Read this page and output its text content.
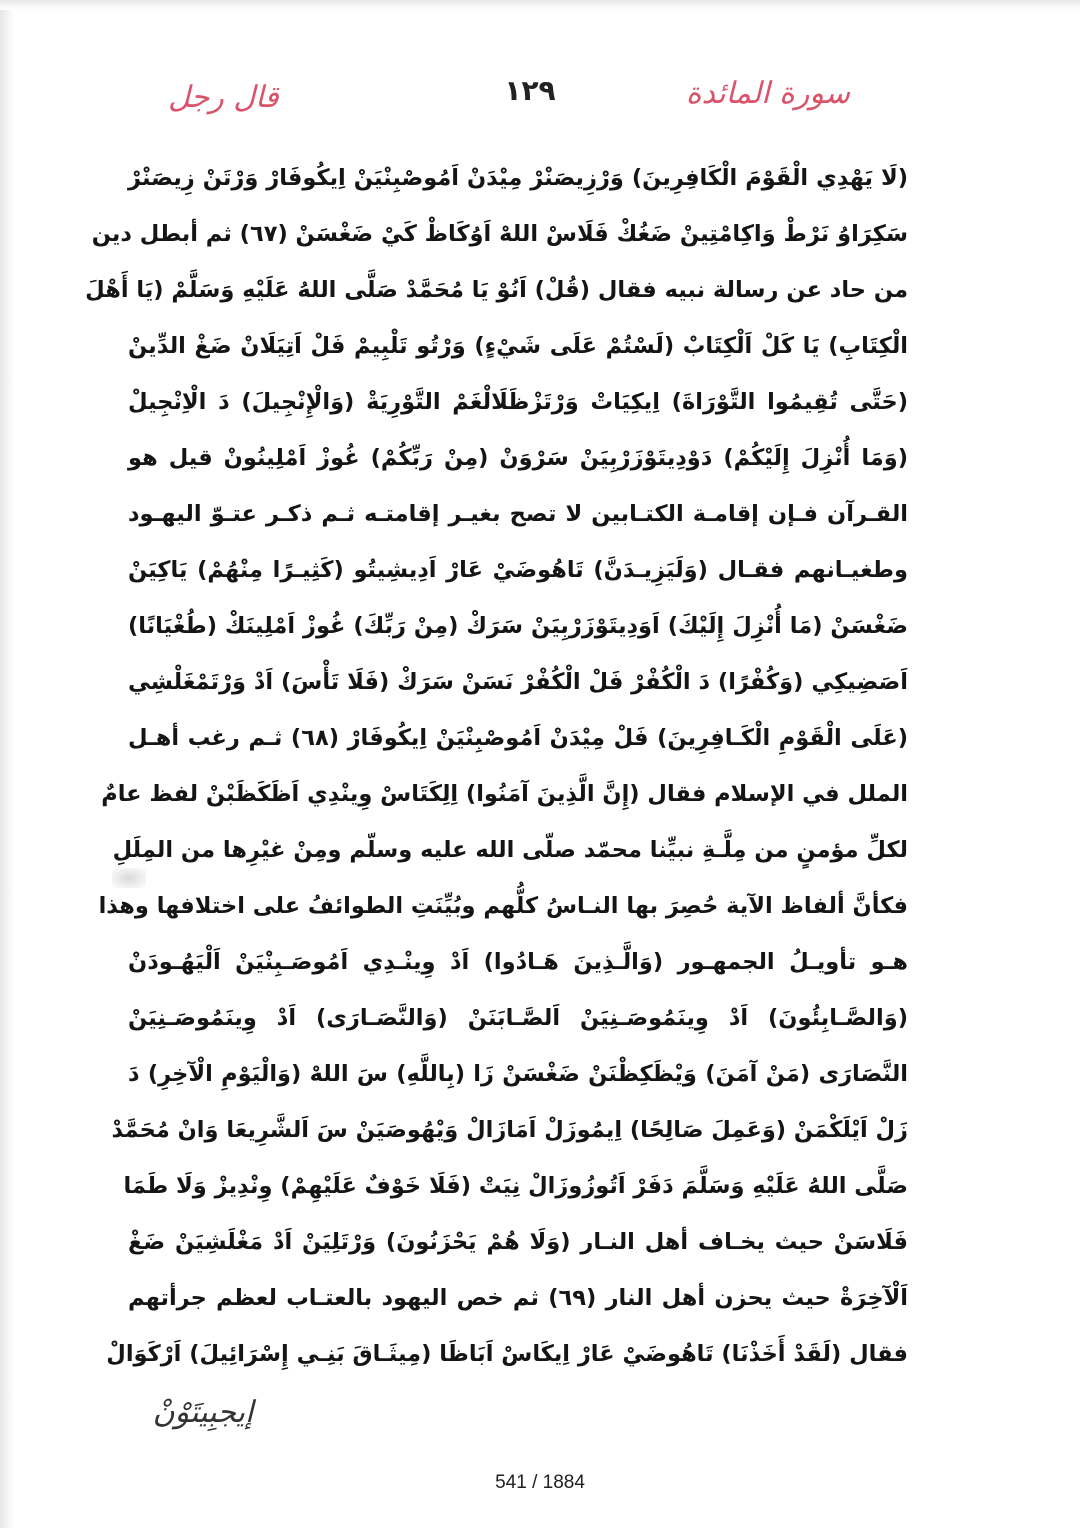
سورة المائدة
١٢٩
قال رجل
(لَا يَهْدِي الْقَوْمَ الْكَافِرِينَ) وَرْزِيصَنْرْ مِيْدَنْ اَمُوصْبِنْيَنْ اِيكُوفَارْ وَرْتَنْ زِيصَنْرْ
سَكِرَاوُ نَرْطْ وَاكِامْتِينْ ضَغُكْ فَلَاسْ اللهْ اَوُكَاظْ كَيْ ضَغْسَنْ (٦٧) ثم أبطل دين
من حاد عن رسالة نبيه فقال (قُلْ) اَنُوْ يَا مُحَمَّدْ صَلَّى اللهُ عَلَيْهِ وَسَلَّمْ (يَا أَهْلَ
الْكِتَابِ) يَا كَلْ اَلْكِتَابْ (لَسْتُمْ عَلَى شَيْءٍ) وَرْتُو تَلْبِيمْ فَلْ اَتِيَلَانْ ضَغْ الدِّينْ
(حَتَّى تُقِيمُوا التَّوْرَاةَ) اِيكِيَاتْ وَرْتَزْظَلَالْغَمْ التَّوْرِيَةْ (وَالْإِنْجِيلَ) دَ الْاِنْجِيلْ
(وَمَا أُنْزِلَ إِلَيْكُمْ) دَوْدِيتَوْزَرْبِيَنْ سَرْوَنْ (مِنْ رَبِّكُمْ) غُوزْ اَمْلِينُونْ قيل هو
القـرآن فـإن إقامـة الكتـابين لا تصح بغيـر إقامتـه ثـم ذكـر عتـوّ اليهـود
وطغيـانهم فقـال (وَلَيَزِيـدَنَّ) تَاهُوضَيْ عَارْ اَدِيشِيتُو (كَثِيـرًا مِنْهُمْ) يَاكِيَنْ
ضَغْسَنْ (مَا أُنْزِلَ إِلَيْكَ) اَوَدِيتَوْزَرْبِيَنْ سَرَكْ (مِنْ رَبِّكَ) غُوزْ اَمْلِينَكْ (طُغْيَانًا)
اَصَضِيكِي (وَكُفْرًا) دَ الْكُفْرْ فَلْ الْكُفْرْ نَسَنْ سَرَكْ (فَلَا تَأْسَ) اَدْ وَرْتَمْغَلْشِي
(عَلَى الْقَوْمِ الْكَـافِرِينَ) فَلْ مِيْدَنْ اَمُوصْبِنْيَنْ اِيكُوفَارْ (٦٨) ثـم رغب أهـل
الملل في الإسلام فقال (إِنَّ الَّذِينَ آمَنُوا) اِلِكَتَاسْ وِينْدِي اَظَكَظَبْنْ لفظ عامٌ
لكلِّ مؤمنٍ من مِلَّـةِ نبيِّنا محمّد صلّى الله عليه وسلّم ومِنْ غيْرِها من المِلَلِ
فكأنَّ ألفاظ الآية حُصِرَ بها النـاسُ كلُّهم وبُيِّنَتِ الطوائفُ على اختلافها وهذا
هـو تأويـلُ الجمهـور (وَالَّـذِينَ هَـادُوا) اَدْ وِينْـدِي اَمُوصَـبِنْيَنْ اَلْيَهُـودَنْ
(وَالصَّـابِئُونَ) اَدْ وِينَمُوصَـنِيَنْ اَلصَّـابَنَنْ (وَالنَّصَـارَى) اَدْ وِينَمُوصَـنِيَنْ
النَّصَارَى (مَنْ آمَنَ) وَيْظَكِظْنَنْ ضَغْسَنْ زَا (بِاللَّهِ) سَ اللهْ (وَالْيَوْمِ الْآخِرِ) دَ
زَلْ اَيْلَكْمَنْ (وَعَمِلَ صَالِحًا) اِيمُوزَلْ اَمَازَالْ وَيْهُوصَيَنْ سَ اَلشَّرِيعَا وَانْ مُحَمَّدْ
صَلَّى اللهُ عَلَيْهِ وَسَلَّمَ دَفَرْ اَتُوزُوزَالْ نِيَتْ (فَلَا خَوْفٌ عَلَيْهِمْ) وِنْدِيزْ وَلَا طَمَا
فَلَاسَنْ حيث يخـاف أهل النـار (وَلَا هُمْ يَحْزَنُونَ) وَرْتَلِيَنْ اَدْ مَغْلَشِيَنْ ضَغْ
اَلْآخِرَةْ حيث يحزن أهل النار (٦٩) ثم خص اليهود بالعتـاب لعظم جرأتهم
فقال (لَقَدْ أَخَذْنَا) تَاهُوضَيْ عَارْ اِيكَاسْ اَبَاظَا (مِيثَـاقَ بَنِـي إِسْرَائِيلَ) اَرْكَوَالْ
إيجبِيتَوْنْ
541 / 1884
